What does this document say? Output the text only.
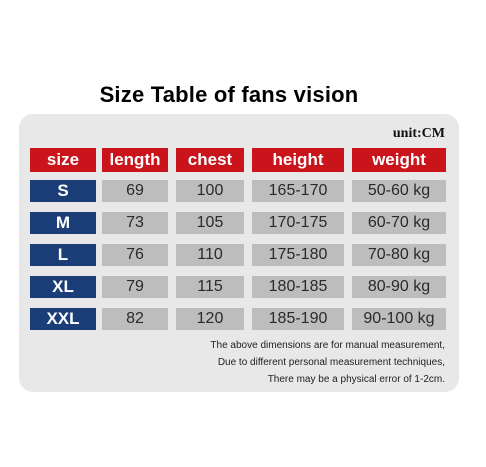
Size Table of fans vision
unit:CM
size	length	chest	height	weight
S	69	100	165-170	50-60 kg
M	73	105	170-175	60-70 kg
L	76	110	175-180	70-80 kg
XL	79	115	180-185	80-90 kg
XXL	82	120	185-190	90-100 kg
The above dimensions are for manual measurement,
Due to different personal measurement techniques,
There may be a physical error of 1-2cm.
